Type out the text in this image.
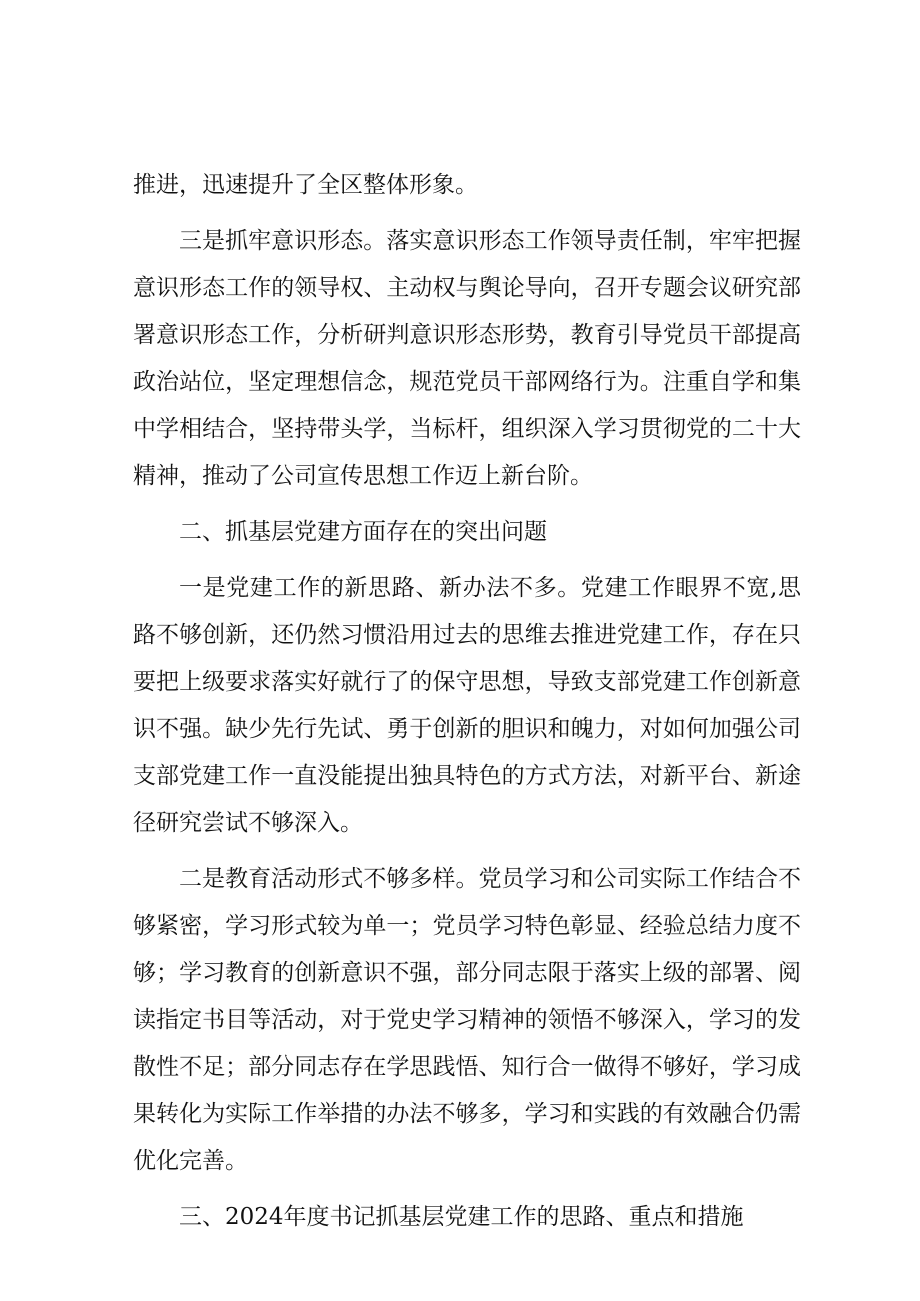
推进，迅速提升了全区整体形象。

三是抓牢意识形态。落实意识形态工作领导责任制，牢牢把握意识形态工作的领导权、主动权与舆论导向，召开专题会议研究部署意识形态工作，分析研判意识形态形势，教育引导党员干部提高政治站位，坚定理想信念，规范党员干部网络行为。注重自学和集中学相结合，坚持带头学，当标杆，组织深入学习贯彻党的二十大精神，推动了公司宣传思想工作迈上新台阶。

二、抓基层党建方面存在的突出问题

一是党建工作的新思路、新办法不多。党建工作眼界不宽,思路不够创新，还仍然习惯沿用过去的思维去推进党建工作，存在只要把上级要求落实好就行了的保守思想，导致支部党建工作创新意识不强。缺少先行先试、勇于创新的胆识和魄力，对如何加强公司支部党建工作一直没能提出独具特色的方式方法，对新平台、新途径研究尝试不够深入。

二是教育活动形式不够多样。党员学习和公司实际工作结合不够紧密，学习形式较为单一；党员学习特色彰显、经验总结力度不够；学习教育的创新意识不强，部分同志限于落实上级的部署、阅读指定书目等活动，对于党史学习精神的领悟不够深入，学习的发散性不足；部分同志存在学思践悟、知行合一做得不够好，学习成果转化为实际工作举措的办法不够多，学习和实践的有效融合仍需优化完善。

三、2024年度书记抓基层党建工作的思路、重点和措施
